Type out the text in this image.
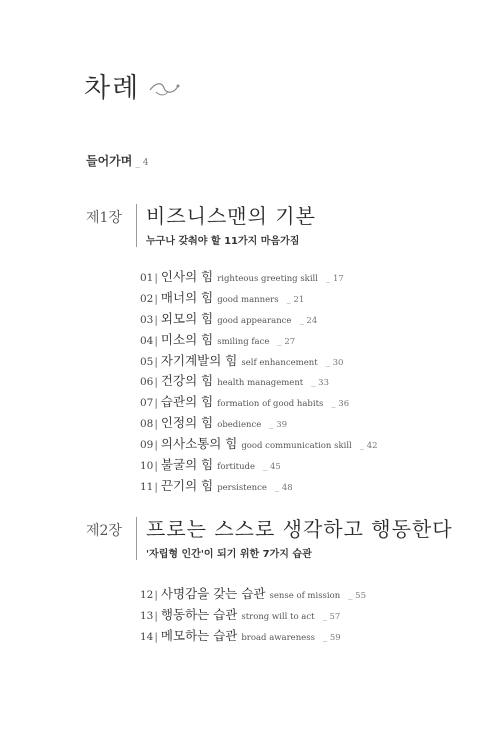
차례
들어가며 _ 4
제1장	비즈니스맨의 기본
누구나 갖춰야 할 11가지 마음가짐
01 | 인사의 힘 righteous greeting skill _ 17
02 | 매너의 힘 good manners _ 21
03 | 외모의 힘 good appearance _ 24
04 | 미소의 힘 smiling face _ 27
05 | 자기계발의 힘 self enhancement _ 30
06 | 건강의 힘 health management _ 33
07 | 습관의 힘 formation of good habits _ 36
08 | 인정의 힘 obedience _ 39
09 | 의사소통의 힘 good communication skill _ 42
10 | 불굴의 힘 fortitude _ 45
11 | 끈기의 힘 persistence _ 48
제2장	프로는 스스로 생각하고 행동한다
'자립형 인간'이 되기 위한 7가지 습관
12 | 사명감을 갖는 습관 sense of mission _ 55
13 | 행동하는 습관 strong will to act _ 57
14 | 메모하는 습관 broad awareness _ 59
